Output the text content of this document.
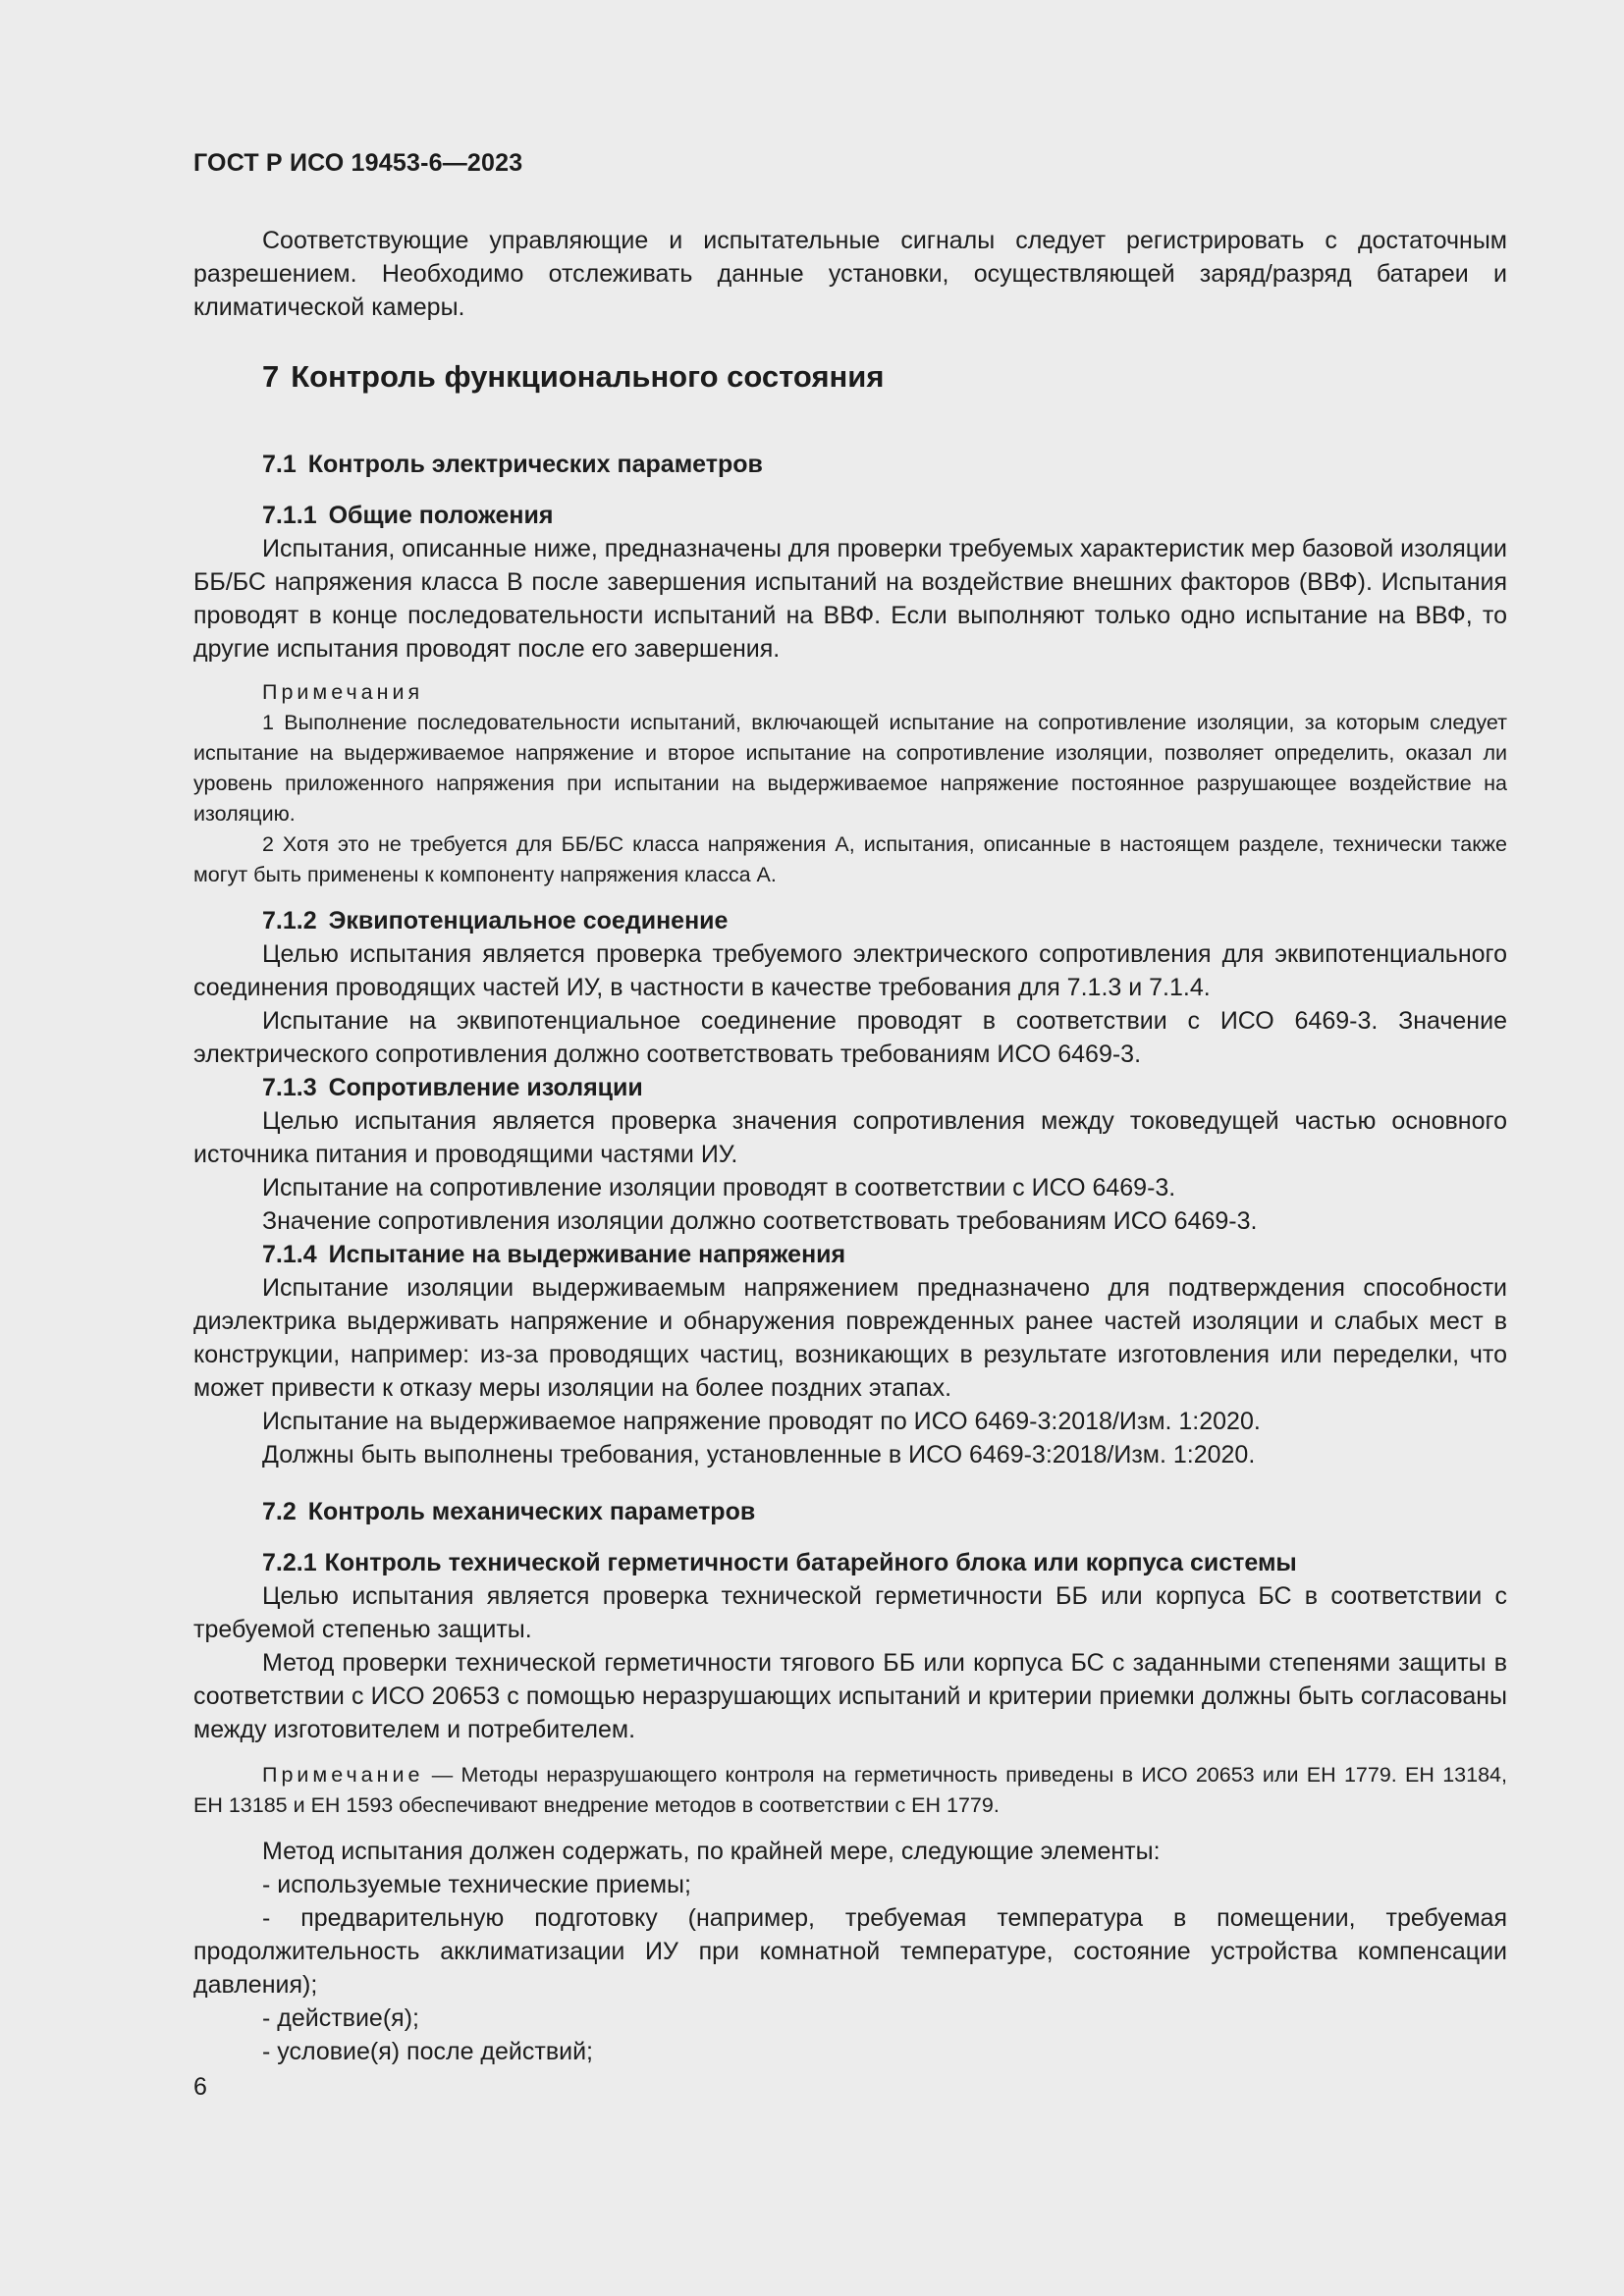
ГОСТ Р ИСО 19453-6—2023

Соответствующие управляющие и испытательные сигналы следует регистрировать с достаточным разрешением. Необходимо отслеживать данные установки, осуществляющей заряд/разряд батареи и климатической камеры.

7 Контроль функционального состояния
7.1 Контроль электрических параметров
7.1.1 Общие положения

Испытания, описанные ниже, предназначены для проверки требуемых характеристик мер базовой изоляции ББ/БС напряжения класса В после завершения испытаний на воздействие внешних факторов (ВВФ). Испытания проводят в конце последовательности испытаний на ВВФ. Если выполняют только одно испытание на ВВФ, то другие испытания проводят после его завершения.

Примечания

1 Выполнение последовательности испытаний, включающей испытание на сопротивление изоляции, за которым следует испытание на выдерживаемое напряжение и второе испытание на сопротивление изоляции, позволяет определить, оказал ли уровень приложенного напряжения при испытании на выдерживаемое напряжение постоянное разрушающее воздействие на изоляцию.

2 Хотя это не требуется для ББ/БС класса напряжения А, испытания, описанные в настоящем разделе, технически также могут быть применены к компоненту напряжения класса А.

7.1.2 Эквипотенциальное соединение

Целью испытания является проверка требуемого электрического сопротивления для эквипотенциального соединения проводящих частей ИУ, в частности в качестве требования для 7.1.3 и 7.1.4.

Испытание на эквипотенциальное соединение проводят в соответствии с ИСО 6469-3. Значение электрического сопротивления должно соответствовать требованиям ИСО 6469-3.

7.1.3 Сопротивление изоляции

Целью испытания является проверка значения сопротивления между токоведущей частью основного источника питания и проводящими частями ИУ.

Испытание на сопротивление изоляции проводят в соответствии с ИСО 6469-3.

Значение сопротивления изоляции должно соответствовать требованиям ИСО 6469-3.

7.1.4 Испытание на выдерживание напряжения

Испытание изоляции выдерживаемым напряжением предназначено для подтверждения способности диэлектрика выдерживать напряжение и обнаружения поврежденных ранее частей изоляции и слабых мест в конструкции, например: из-за проводящих частиц, возникающих в результате изготовления или переделки, что может привести к отказу меры изоляции на более поздних этапах.

Испытание на выдерживаемое напряжение проводят по ИСО 6469-3:2018/Изм. 1:2020.

Должны быть выполнены требования, установленные в ИСО 6469-3:2018/Изм. 1:2020.

7.2 Контроль механических параметров
7.2.1 Контроль технической герметичности батарейного блока или корпуса системы

Целью испытания является проверка технической герметичности ББ или корпуса БС в соответствии с требуемой степенью защиты.

Метод проверки технической герметичности тягового ББ или корпуса БС с заданными степенями защиты в соответствии с ИСО 20653 с помощью неразрушающих испытаний и критерии приемки должны быть согласованы между изготовителем и потребителем.

Примечание — Методы неразрушающего контроля на герметичность приведены в ИСО 20653 или ЕН 1779. ЕН 13184, ЕН 13185 и ЕН 1593 обеспечивают внедрение методов в соответствии с ЕН 1779.

Метод испытания должен содержать, по крайней мере, следующие элементы:

- используемые технические приемы;

- предварительную подготовку (например, требуемая температура в помещении, требуемая продолжительность акклиматизации ИУ при комнатной температуре, состояние устройства компенсации давления);

- действие(я);

- условие(я) после действий;

6
